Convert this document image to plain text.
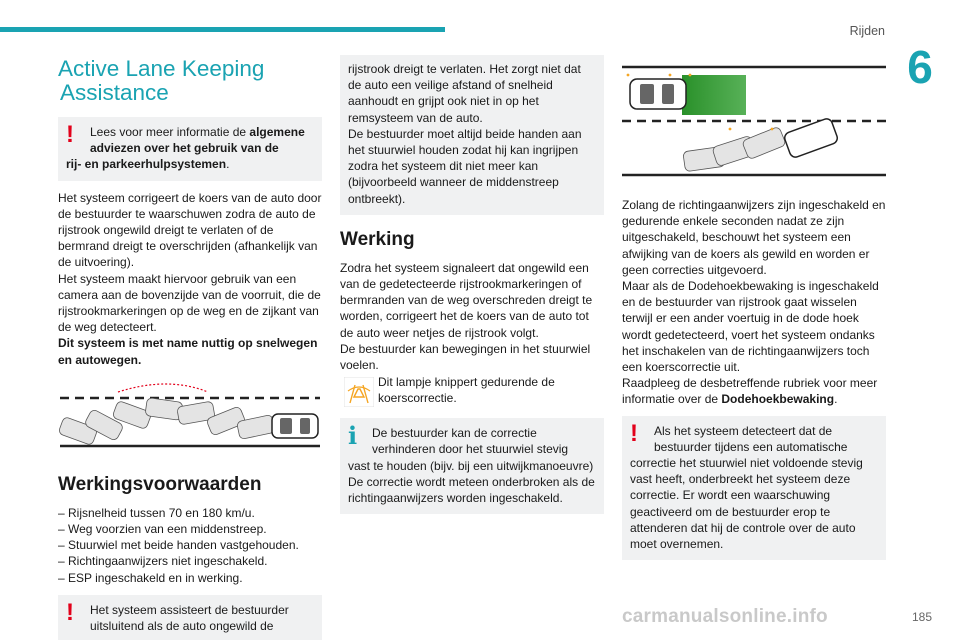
Rijden
6
Active Lane Keeping
Assistance
!	Lees voor meer informatie de algemene
adviezen over het gebruik van de
rij- en parkeerhulpsystemen.
Het systeem corrigeert de koers van de auto door de bestuurder te waarschuwen zodra de auto de rijstrook ongewild dreigt te verlaten of de bermrand dreigt te overschrijden (afhankelijk van de uitvoering).
Het systeem maakt hiervoor gebruik van een camera aan de bovenzijde van de voorruit, die de rijstrookmarkeringen op de weg en de zijkant van de weg detecteert.
Dit systeem is met name nuttig op snelwegen en autowegen.
Werkingsvoorwaarden
– Rijsnelheid tussen 70 en 180 km/u.
– Weg voorzien van een middenstreep.
– Stuurwiel met beide handen vastgehouden.
– Richtingaanwijzers niet ingeschakeld.
– ESP ingeschakeld en in werking.
!	Het systeem assisteert de bestuurder
uitsluitend als de auto ongewild de
rijstrook dreigt te verlaten. Het zorgt niet dat de auto een veilige afstand of snelheid aanhoudt en grijpt ook niet in op het remsysteem van de auto.
De bestuurder moet altijd beide handen aan het stuurwiel houden zodat hij kan ingrijpen zodra het systeem dit niet meer kan (bijvoorbeeld wanneer de middenstreep ontbreekt).
Werking
Zodra het systeem signaleert dat ongewild een van de gedetecteerde rijstrookmarkeringen of bermranden van de weg overschreden dreigt te worden, corrigeert het de koers van de auto tot de auto weer netjes de rijstrook volgt.
De bestuurder kan bewegingen in het stuurwiel voelen.
Dit lampje knippert gedurende de koerscorrectie.
i	De bestuurder kan de correctie
verhinderen door het stuurwiel stevig
vast te houden (bijv. bij een uitwijkmanoeuvre) De correctie wordt meteen onderbroken als de richtingaanwijzers worden ingeschakeld.
Zolang de richtingaanwijzers zijn ingeschakeld en gedurende enkele seconden nadat ze zijn uitgeschakeld, beschouwt het systeem een afwijking van de koers als gewild en worden er geen correcties uitgevoerd.
Maar als de Dodehoekbewaking is ingeschakeld en de bestuurder van rijstrook gaat wisselen terwijl er een ander voertuig in de dode hoek wordt gedetecteerd, voert het systeem ondanks het inschakelen van de richtingaanwijzers toch een koerscorrectie uit.
Raadpleeg de desbetreffende rubriek voor meer informatie over de Dodehoekbewaking.
!	Als het systeem detecteert dat de
bestuurder tijdens een automatische
correctie het stuurwiel niet voldoende stevig vast heeft, onderbreekt het systeem deze correctie. Er wordt een waarschuwing geactiveerd om de bestuurder erop te attenderen dat hij de controle over de auto moet overnemen.
carmanualsonline.info	185
